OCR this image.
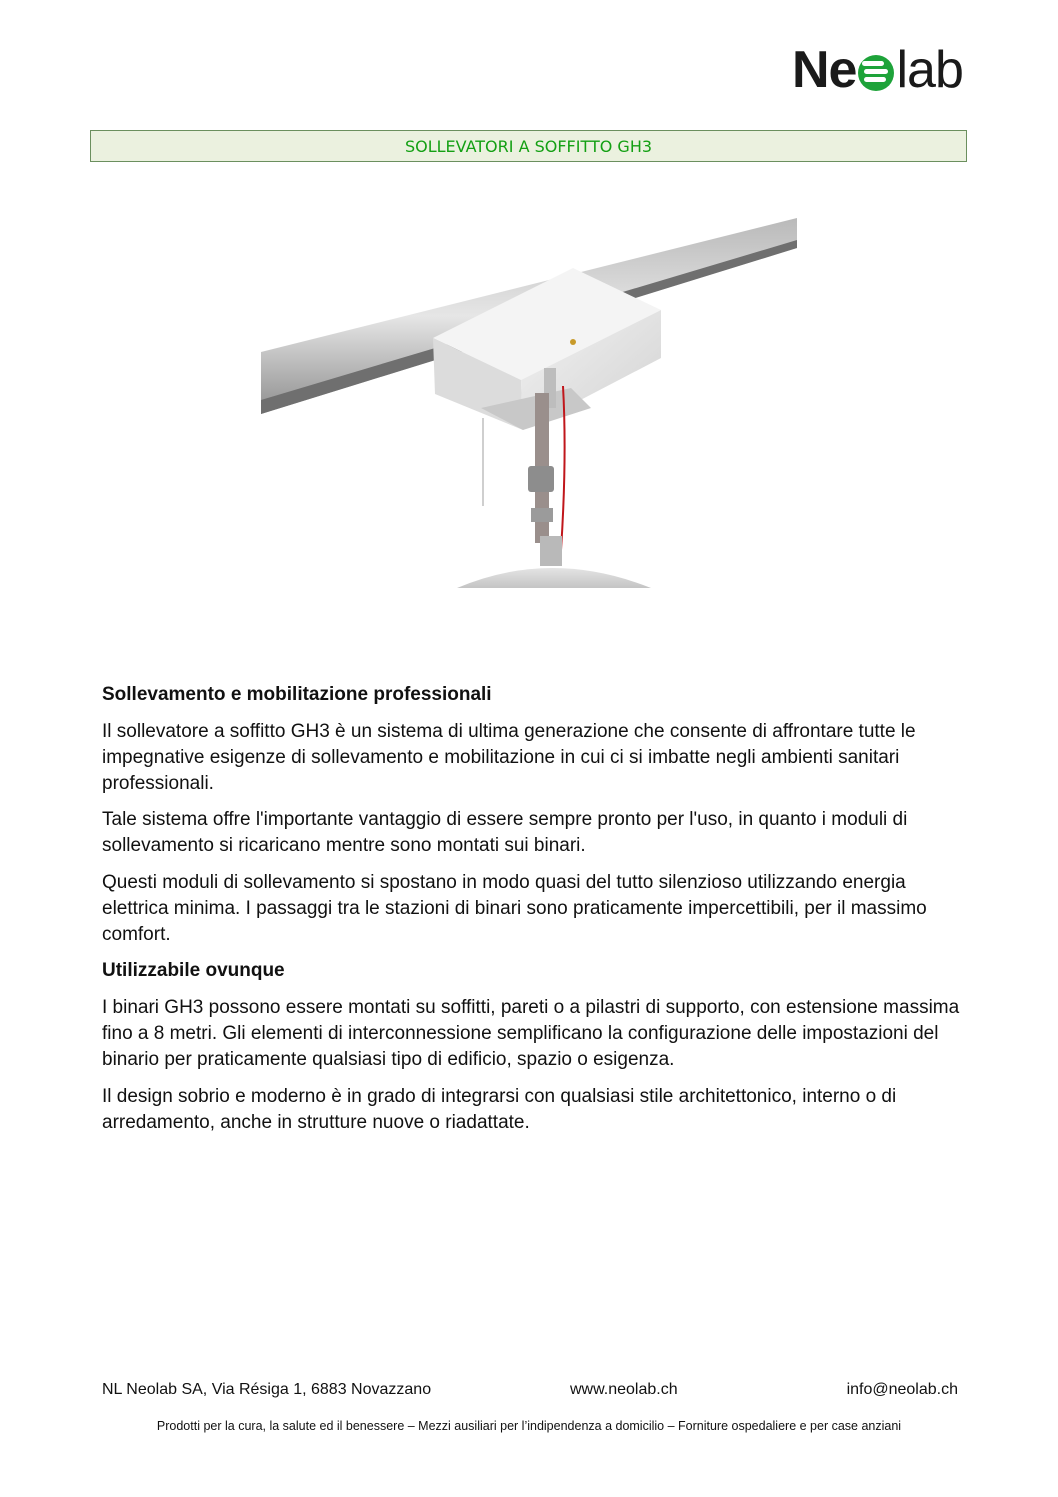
Ne lab
SOLLEVATORI A SOFFITTO GH3
Sollevamento e mobilitazione professionali

Il sollevatore a soffitto GH3 è un sistema di ultima generazione che consente di affrontare tutte le impegnative esigenze di sollevamento e mobilitazione in cui ci si imbatte negli ambienti sanitari professionali.

Tale sistema offre l'importante vantaggio di essere sempre pronto per l'uso, in quanto i moduli di sollevamento si ricaricano mentre sono montati sui binari.

Questi moduli di sollevamento si spostano in modo quasi del tutto silenzioso utilizzando energia elettrica minima. I passaggi tra le stazioni di binari sono praticamente impercettibili, per il massimo comfort.

Utilizzabile ovunque

I binari GH3 possono essere montati su soffitti, pareti o a pilastri di supporto, con estensione massima fino a 8 metri. Gli elementi di interconnessione semplificano la configurazione delle impostazioni del binario per praticamente qualsiasi tipo di edificio, spazio o esigenza.

Il design sobrio e moderno è in grado di integrarsi con qualsiasi stile architettonico, interno o di arredamento, anche in strutture nuove o riadattate.

NL Neolab SA, Via Résiga 1, 6883 Novazzano	www.neolab.ch	info@neolab.ch
Prodotti per la cura, la salute ed il benessere – Mezzi ausiliari per l’indipendenza a domicilio – Forniture ospedaliere e per case anziani
